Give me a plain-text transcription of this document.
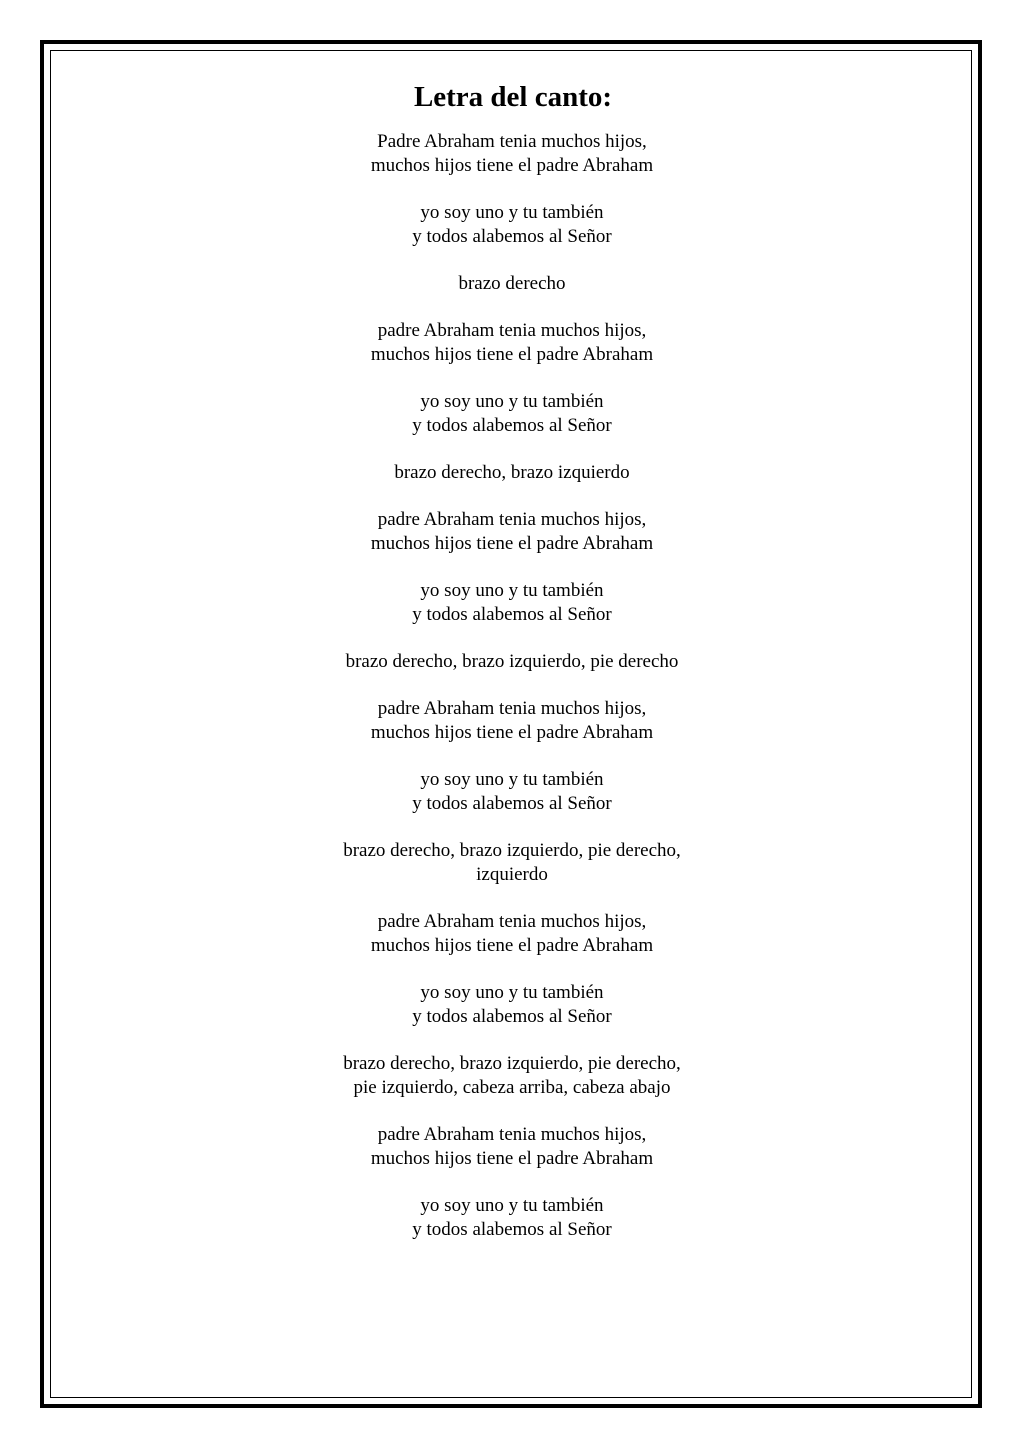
Letra del canto:
Padre Abraham tenia muchos hijos,
muchos hijos tiene el padre Abraham
yo soy uno y tu también
y todos alabemos al Señor
brazo derecho
padre Abraham tenia muchos hijos,
muchos hijos tiene el padre Abraham
yo soy uno y tu también
y todos alabemos al Señor
brazo derecho, brazo izquierdo
padre Abraham tenia muchos hijos,
muchos hijos tiene el padre Abraham
yo soy uno y tu también
y todos alabemos al Señor
brazo derecho, brazo izquierdo, pie derecho
padre Abraham tenia muchos hijos,
muchos hijos tiene el padre Abraham
yo soy uno y tu también
y todos alabemos al Señor
brazo derecho, brazo izquierdo, pie derecho,
izquierdo
padre Abraham tenia muchos hijos,
muchos hijos tiene el padre Abraham
yo soy uno y tu también
y todos alabemos al Señor
brazo derecho, brazo izquierdo, pie derecho,
pie izquierdo, cabeza arriba, cabeza abajo
padre Abraham tenia muchos hijos,
muchos hijos tiene el padre Abraham
yo soy uno y tu también
y todos alabemos al Señor
